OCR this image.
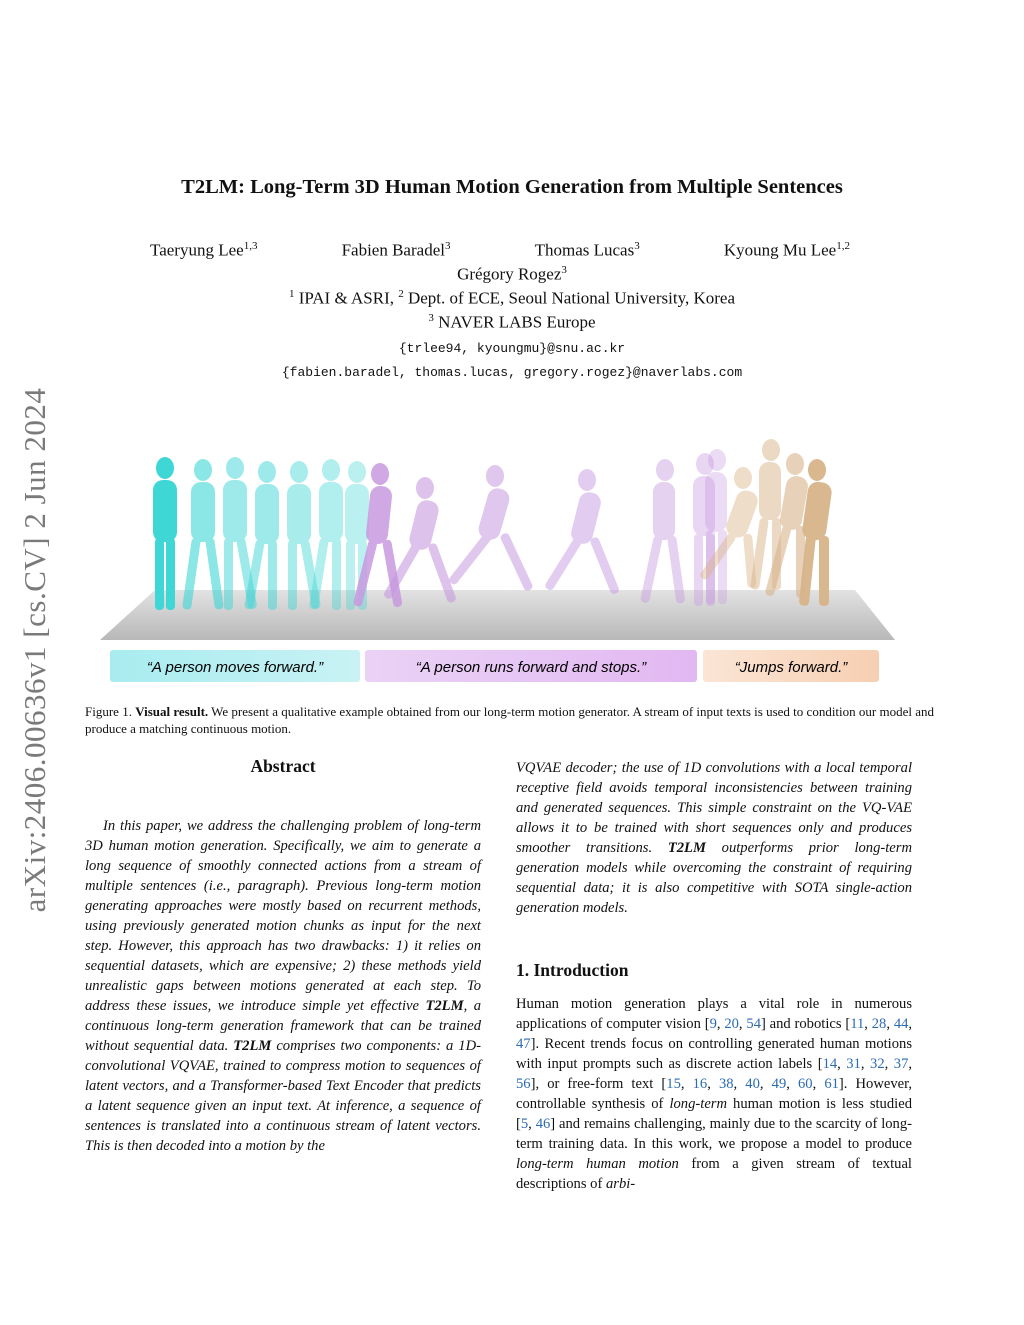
arXiv:2406.00636v1 [cs.CV] 2 Jun 2024
T2LM: Long-Term 3D Human Motion Generation from Multiple Sentences
Taeryung Lee$^{1,3}$	Fabien Baradel$^3$	Thomas Lucas$^3$	Kyoung Mu Lee$^{1,2}$
Grégory Rogez$^3$
$^1$ IPAI & ASRI, $^2$ Dept. of ECE, Seoul National University, Korea
$^3$ NAVER LABS Europe
{trlee94, kyoungmu}@snu.ac.kr
{fabien.baradel, thomas.lucas, gregory.rogez}@naverlabs.com
“A person moves forward.”	“A person runs forward and stops.”	“Jumps forward.”
Figure 1. Visual result. We present a qualitative example obtained from our long-term motion generator. A stream of input texts is used to condition our model and produce a matching continuous motion.
Abstract
In this paper, we address the challenging problem of long-term 3D human motion generation. Specifically, we aim to generate a long sequence of smoothly connected actions from a stream of multiple sentences (i.e., paragraph). Previous long-term motion generating approaches were mostly based on recurrent methods, using previously generated motion chunks as input for the next step. However, this approach has two drawbacks: 1) it relies on sequential datasets, which are expensive; 2) these methods yield unrealistic gaps between motions generated at each step. To address these issues, we introduce simple yet effective T2LM, a continuous long-term generation framework that can be trained without sequential data. T2LM comprises two components: a 1D-convolutional VQVAE, trained to compress motion to sequences of latent vectors, and a Transformer-based Text Encoder that predicts a latent sequence given an input text. At inference, a sequence of sentences is translated into a continuous stream of latent vectors. This is then decoded into a motion by the
VQVAE decoder; the use of 1D convolutions with a local temporal receptive field avoids temporal inconsistencies between training and generated sequences. This simple constraint on the VQ-VAE allows it to be trained with short sequences only and produces smoother transitions. T2LM outperforms prior long-term generation models while overcoming the constraint of requiring sequential data; it is also competitive with SOTA single-action generation models.
1. Introduction
Human motion generation plays a vital role in numerous applications of computer vision [9, 20, 54] and robotics [11, 28, 44, 47]. Recent trends focus on controlling generated human motions with input prompts such as discrete action labels [14, 31, 32, 37, 56], or free-form text [15, 16, 38, 40, 49, 60, 61]. However, controllable synthesis of long-term human motion is less studied [5, 46] and remains challenging, mainly due to the scarcity of long-term training data. In this work, we propose a model to produce long-term human motion from a given stream of textual descriptions of arbi-
